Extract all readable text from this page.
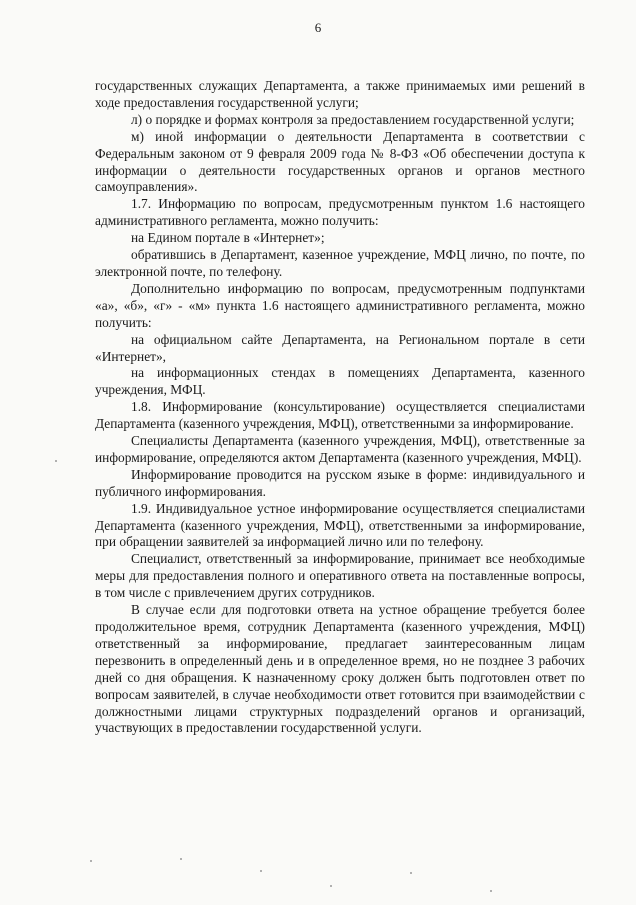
6

государственных служащих Департамента, а также принимаемых ими решений в ходе предоставления государственной услуги;

л) о порядке и формах контроля за предоставлением государственной услуги;

м) иной информации о деятельности Департамента в соответствии с Федеральным законом от 9 февраля 2009 года № 8-ФЗ «Об обеспечении доступа к информации о деятельности государственных органов и органов местного самоуправления».

1.7. Информацию по вопросам, предусмотренным пунктом 1.6 настоящего административного регламента, можно получить:

на Едином портале в «Интернет»;

обратившись в Департамент, казенное учреждение, МФЦ лично, по почте, по электронной почте, по телефону.

Дополнительно информацию по вопросам, предусмотренным подпунктами «а», «б», «г» - «м» пункта 1.6 настоящего административного регламента, можно получить:

на официальном сайте Департамента, на Региональном портале в сети «Интернет»,

на информационных стендах в помещениях Департамента, казенного учреждения, МФЦ.

1.8. Информирование (консультирование) осуществляется специалистами Департамента (казенного учреждения, МФЦ), ответственными за информирование.

Специалисты Департамента (казенного учреждения, МФЦ), ответственные за информирование, определяются актом Департамента (казенного учреждения, МФЦ).

Информирование проводится на русском языке в форме: индивидуального и публичного информирования.

1.9. Индивидуальное устное информирование осуществляется специалистами Департамента (казенного учреждения, МФЦ), ответственными за информирование, при обращении заявителей за информацией лично или по телефону.

Специалист, ответственный за информирование, принимает все необходимые меры для предоставления полного и оперативного ответа на поставленные вопросы, в том числе с привлечением других сотрудников.

В случае если для подготовки ответа на устное обращение требуется более продолжительное время, сотрудник Департамента (казенного учреждения, МФЦ) ответственный за информирование, предлагает заинтересованным лицам перезвонить в определенный день и в определенное время, но не позднее 3 рабочих дней со дня обращения. К назначенному сроку должен быть подготовлен ответ по вопросам заявителей, в случае необходимости ответ готовится при взаимодействии с должностными лицами структурных подразделений органов и организаций, участвующих в предоставлении государственной услуги.
